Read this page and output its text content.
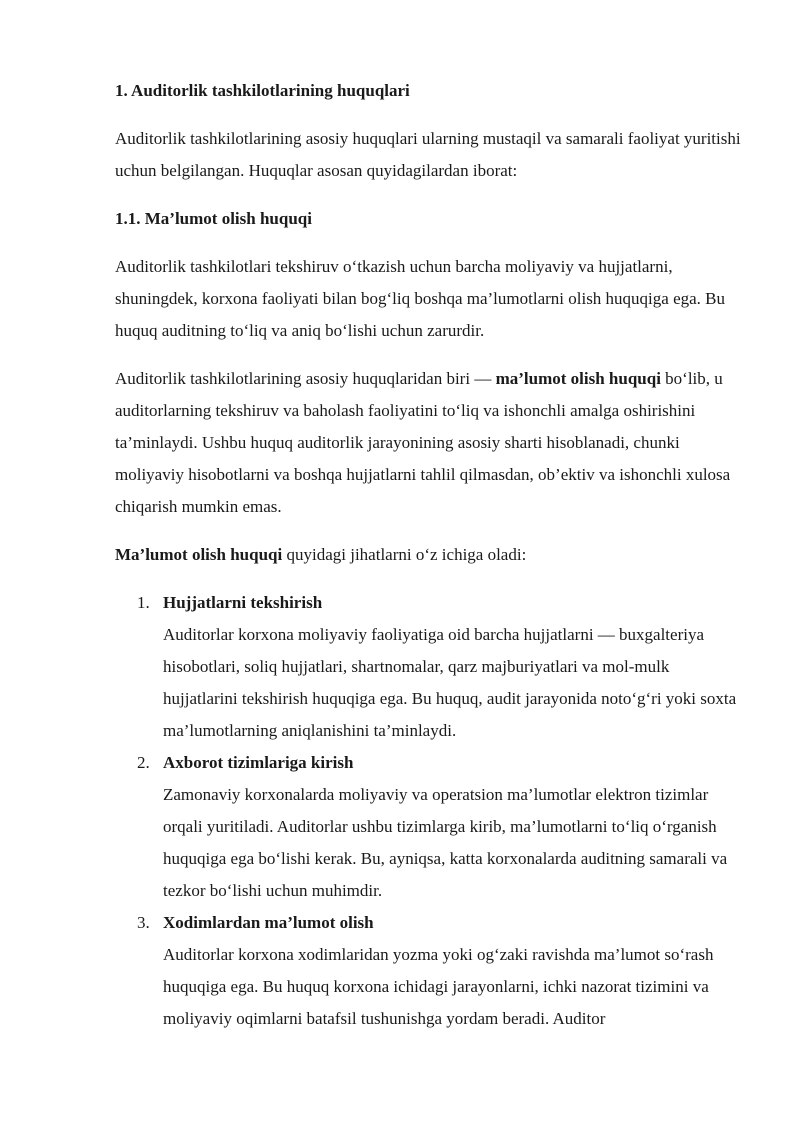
1. Auditorlik tashkilotlarining huquqlari

Auditorlik tashkilotlarining asosiy huquqlari ularning mustaqil va samarali faoliyat yuritishi uchun belgilangan. Huquqlar asosan quyidagilardan iborat:

1.1. Ma’lumot olish huquqi

Auditorlik tashkilotlari tekshiruv o‘tkazish uchun barcha moliyaviy va hujjatlarni, shuningdek, korxona faoliyati bilan bog‘liq boshqa ma’lumotlarni olish huquqiga ega. Bu huquq auditning to‘liq va aniq bo‘lishi uchun zarurdir.

Auditorlik tashkilotlarining asosiy huquqlaridan biri — ma’lumot olish huquqi bo‘lib, u auditorlarning tekshiruv va baholash faoliyatini to‘liq va ishonchli amalga oshirishini ta’minlaydi. Ushbu huquq auditorlik jarayonining asosiy sharti hisoblanadi, chunki moliyaviy hisobotlarni va boshqa hujjatlarni tahlil qilmasdan, ob’ektiv va ishonchli xulosa chiqarish mumkin emas.

Ma’lumot olish huquqi quyidagi jihatlarni o‘z ichiga oladi:

1. Hujjatlarni tekshirish
Auditorlar korxona moliyaviy faoliyatiga oid barcha hujjatlarni — buxgalteriya hisobotlari, soliq hujjatlari, shartnomalar, qarz majburiyatlari va mol-mulk hujjatlarini tekshirish huquqiga ega. Bu huquq, audit jarayonida noto‘g‘ri yoki soxta ma’lumotlarning aniqlanishini ta’minlaydi.
2. Axborot tizimlariga kirish
Zamonaviy korxonalarda moliyaviy va operatsion ma’lumotlar elektron tizimlar orqali yuritiladi. Auditorlar ushbu tizimlarga kirib, ma’lumotlarni to‘liq o‘rganish huquqiga ega bo‘lishi kerak. Bu, ayniqsa, katta korxonalarda auditning samarali va tezkor bo‘lishi uchun muhimdir.
3. Xodimlardan ma’lumot olish
Auditorlar korxona xodimlaridan yozma yoki og‘zaki ravishda ma’lumot so‘rash huquqiga ega. Bu huquq korxona ichidagi jarayonlarni, ichki nazorat tizimini va moliyaviy oqimlarni batafsil tushunishga yordam beradi. Auditor
